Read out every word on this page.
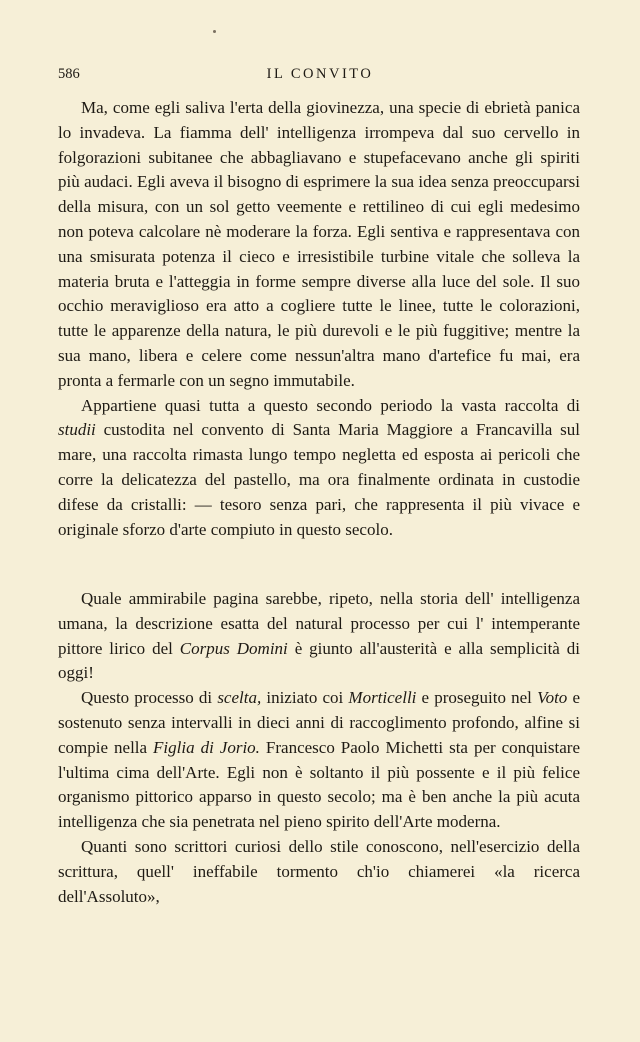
586	IL CONVITO

Ma, come egli saliva l'erta della giovinezza, una specie di ebrietà panica lo invadeva. La fiamma dell' intelligenza irrompeva dal suo cervello in folgorazioni subitanee che abbagliavano e stupefacevano anche gli spiriti più audaci. Egli aveva il bisogno di esprimere la sua idea senza preoccuparsi della misura, con un sol getto veemente e rettilineo di cui egli medesimo non poteva calcolare nè moderare la forza. Egli sentiva e rappresentava con una smisurata potenza il cieco e irresistibile turbine vitale che solleva la materia bruta e l'atteggia in forme sempre diverse alla luce del sole. Il suo occhio meraviglioso era atto a cogliere tutte le linee, tutte le colorazioni, tutte le apparenze della natura, le più durevoli e le più fuggitive; mentre la sua mano, libera e celere come nessun'altra mano d'artefice fu mai, era pronta a fermarle con un segno immutabile.

Appartiene quasi tutta a questo secondo periodo la vasta raccolta di studii custodita nel convento di Santa Maria Maggiore a Francavilla sul mare, una raccolta rimasta lungo tempo negletta ed esposta ai pericoli che corre la delicatezza del pastello, ma ora finalmente ordinata in custodie difese da cristalli: — tesoro senza pari, che rappresenta il più vivace e originale sforzo d'arte compiuto in questo secolo.

Quale ammirabile pagina sarebbe, ripeto, nella storia dell' intelligenza umana, la descrizione esatta del natural processo per cui l' intemperante pittore lirico del Corpus Domini è giunto all'austerità e alla semplicità di oggi!

Questo processo di scelta, iniziato coi Morticelli e proseguito nel Voto e sostenuto senza intervalli in dieci anni di raccoglimento profondo, alfine si compie nella Figlia di Jorio. Francesco Paolo Michetti sta per conquistare l'ultima cima dell'Arte. Egli non è soltanto il più possente e il più felice organismo pittorico apparso in questo secolo; ma è ben anche la più acuta intelligenza che sia penetrata nel pieno spirito dell'Arte moderna.

Quanti sono scrittori curiosi dello stile conoscono, nell'esercizio della scrittura, quell' ineffabile tormento ch'io chiamerei «la ricerca dell'Assoluto»,
